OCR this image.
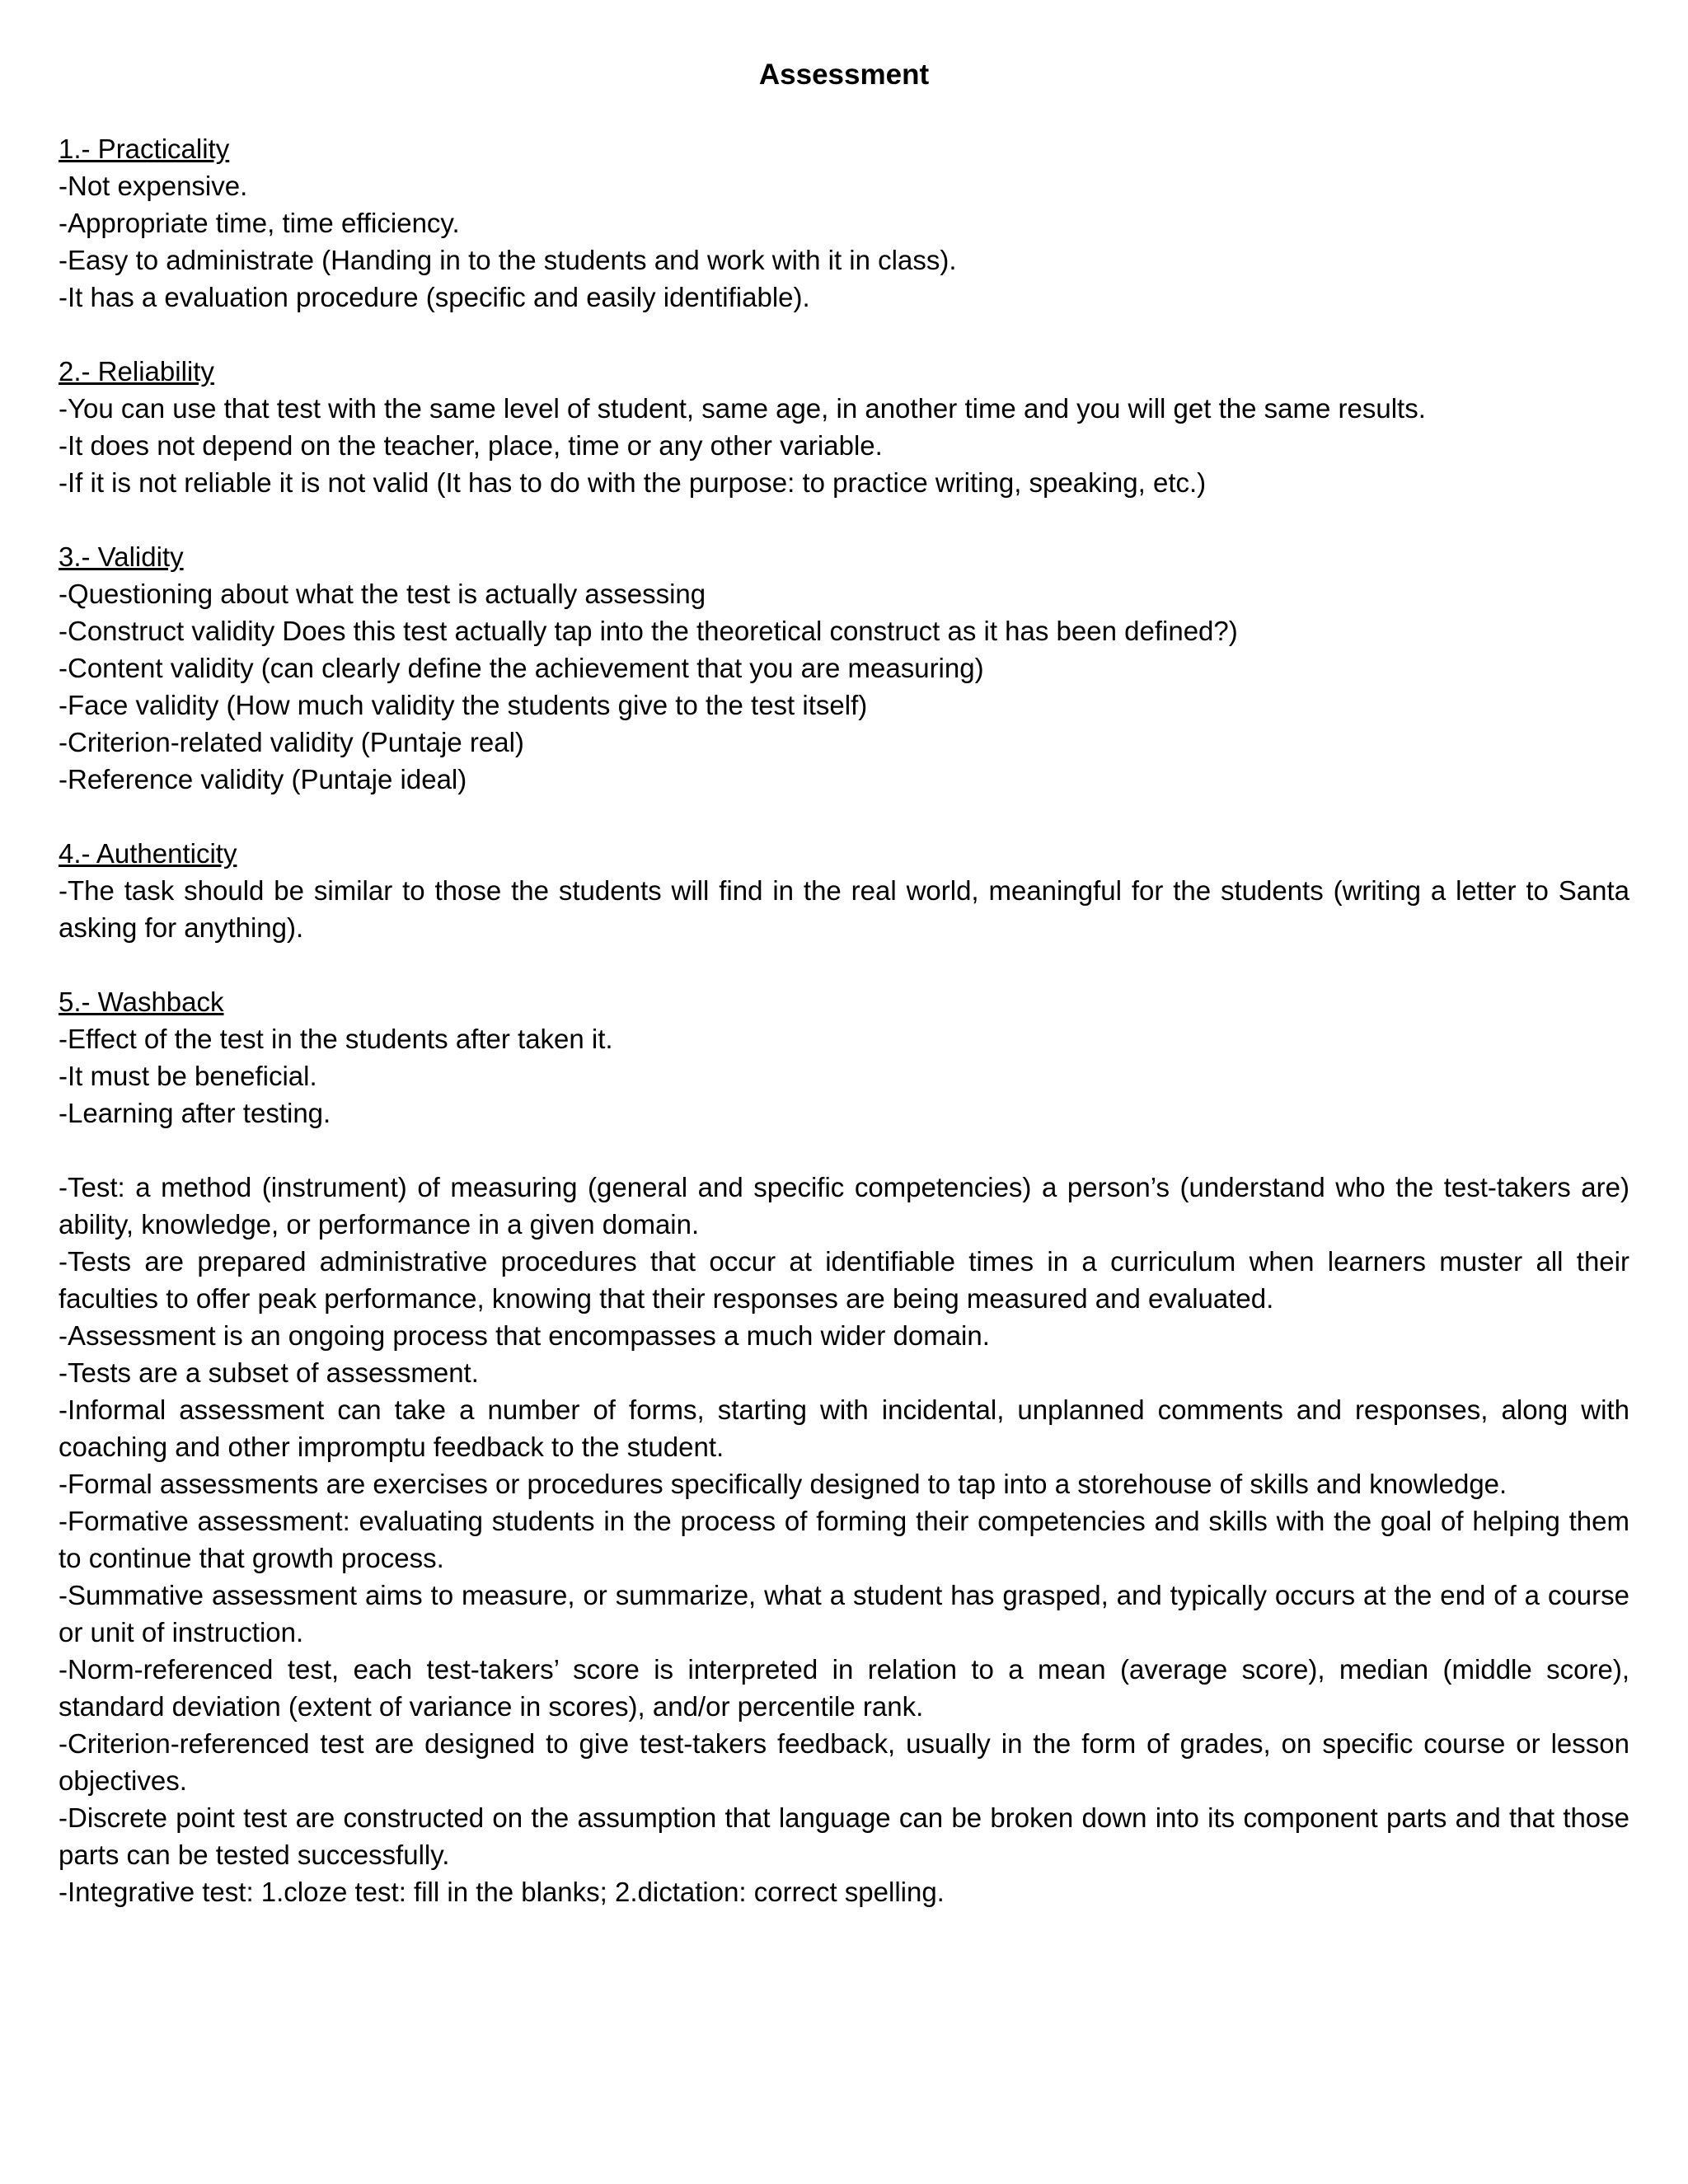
Assessment

1.- Practicality

-Not expensive.

-Appropriate time, time efficiency.

-Easy to administrate (Handing in to the students and work with it in class).

-It has a evaluation procedure (specific and easily identifiable).

2.- Reliability

-You can use that test with the same level of student, same age, in another time and you will get the same results.

-It does not depend on the teacher, place, time or any other variable.

-If it is not reliable it is not valid (It has to do with the purpose: to practice writing, speaking, etc.)

3.- Validity

-Questioning about what the test is actually assessing

-Construct validity Does this test actually tap into the theoretical construct as it has been defined?)

-Content validity (can clearly define the achievement that you are measuring)

-Face validity (How much validity the students give to the test itself)

-Criterion-related validity (Puntaje real)

-Reference validity (Puntaje ideal)

4.- Authenticity

-The task should be similar to those the students will find in the real world, meaningful for the students (writing a letter to Santa asking for anything).

5.- Washback

-Effect of the test in the students after taken it.

-It must be beneficial.

-Learning after testing.

-Test: a method (instrument) of measuring (general and specific competencies) a person’s (understand who the test-takers are) ability, knowledge, or performance in a given domain.

-Tests are prepared administrative procedures that occur at identifiable times in a curriculum when learners muster all their faculties to offer peak performance, knowing that their responses are being measured and evaluated.

-Assessment is an ongoing process that encompasses a much wider domain.

-Tests are a subset of assessment.

-Informal assessment can take a number of forms, starting with incidental, unplanned comments and responses, along with coaching and other impromptu feedback to the student.

-Formal assessments are exercises or procedures specifically designed to tap into a storehouse of skills and knowledge.

-Formative assessment: evaluating students in the process of forming their competencies and skills with the goal of helping them to continue that growth process.

-Summative assessment aims to measure, or summarize, what a student has grasped, and typically occurs at the end of a course or unit of instruction.

-Norm-referenced test, each test-takers’ score is interpreted in relation to a mean (average score), median (middle score), standard deviation (extent of variance in scores), and/or percentile rank.

-Criterion-referenced test are designed to give test-takers feedback, usually in the form of grades, on specific course or lesson objectives.

-Discrete point test are constructed on the assumption that language can be broken down into its component parts and that those parts can be tested successfully.

-Integrative test: 1.cloze test: fill in the blanks; 2.dictation: correct spelling.
